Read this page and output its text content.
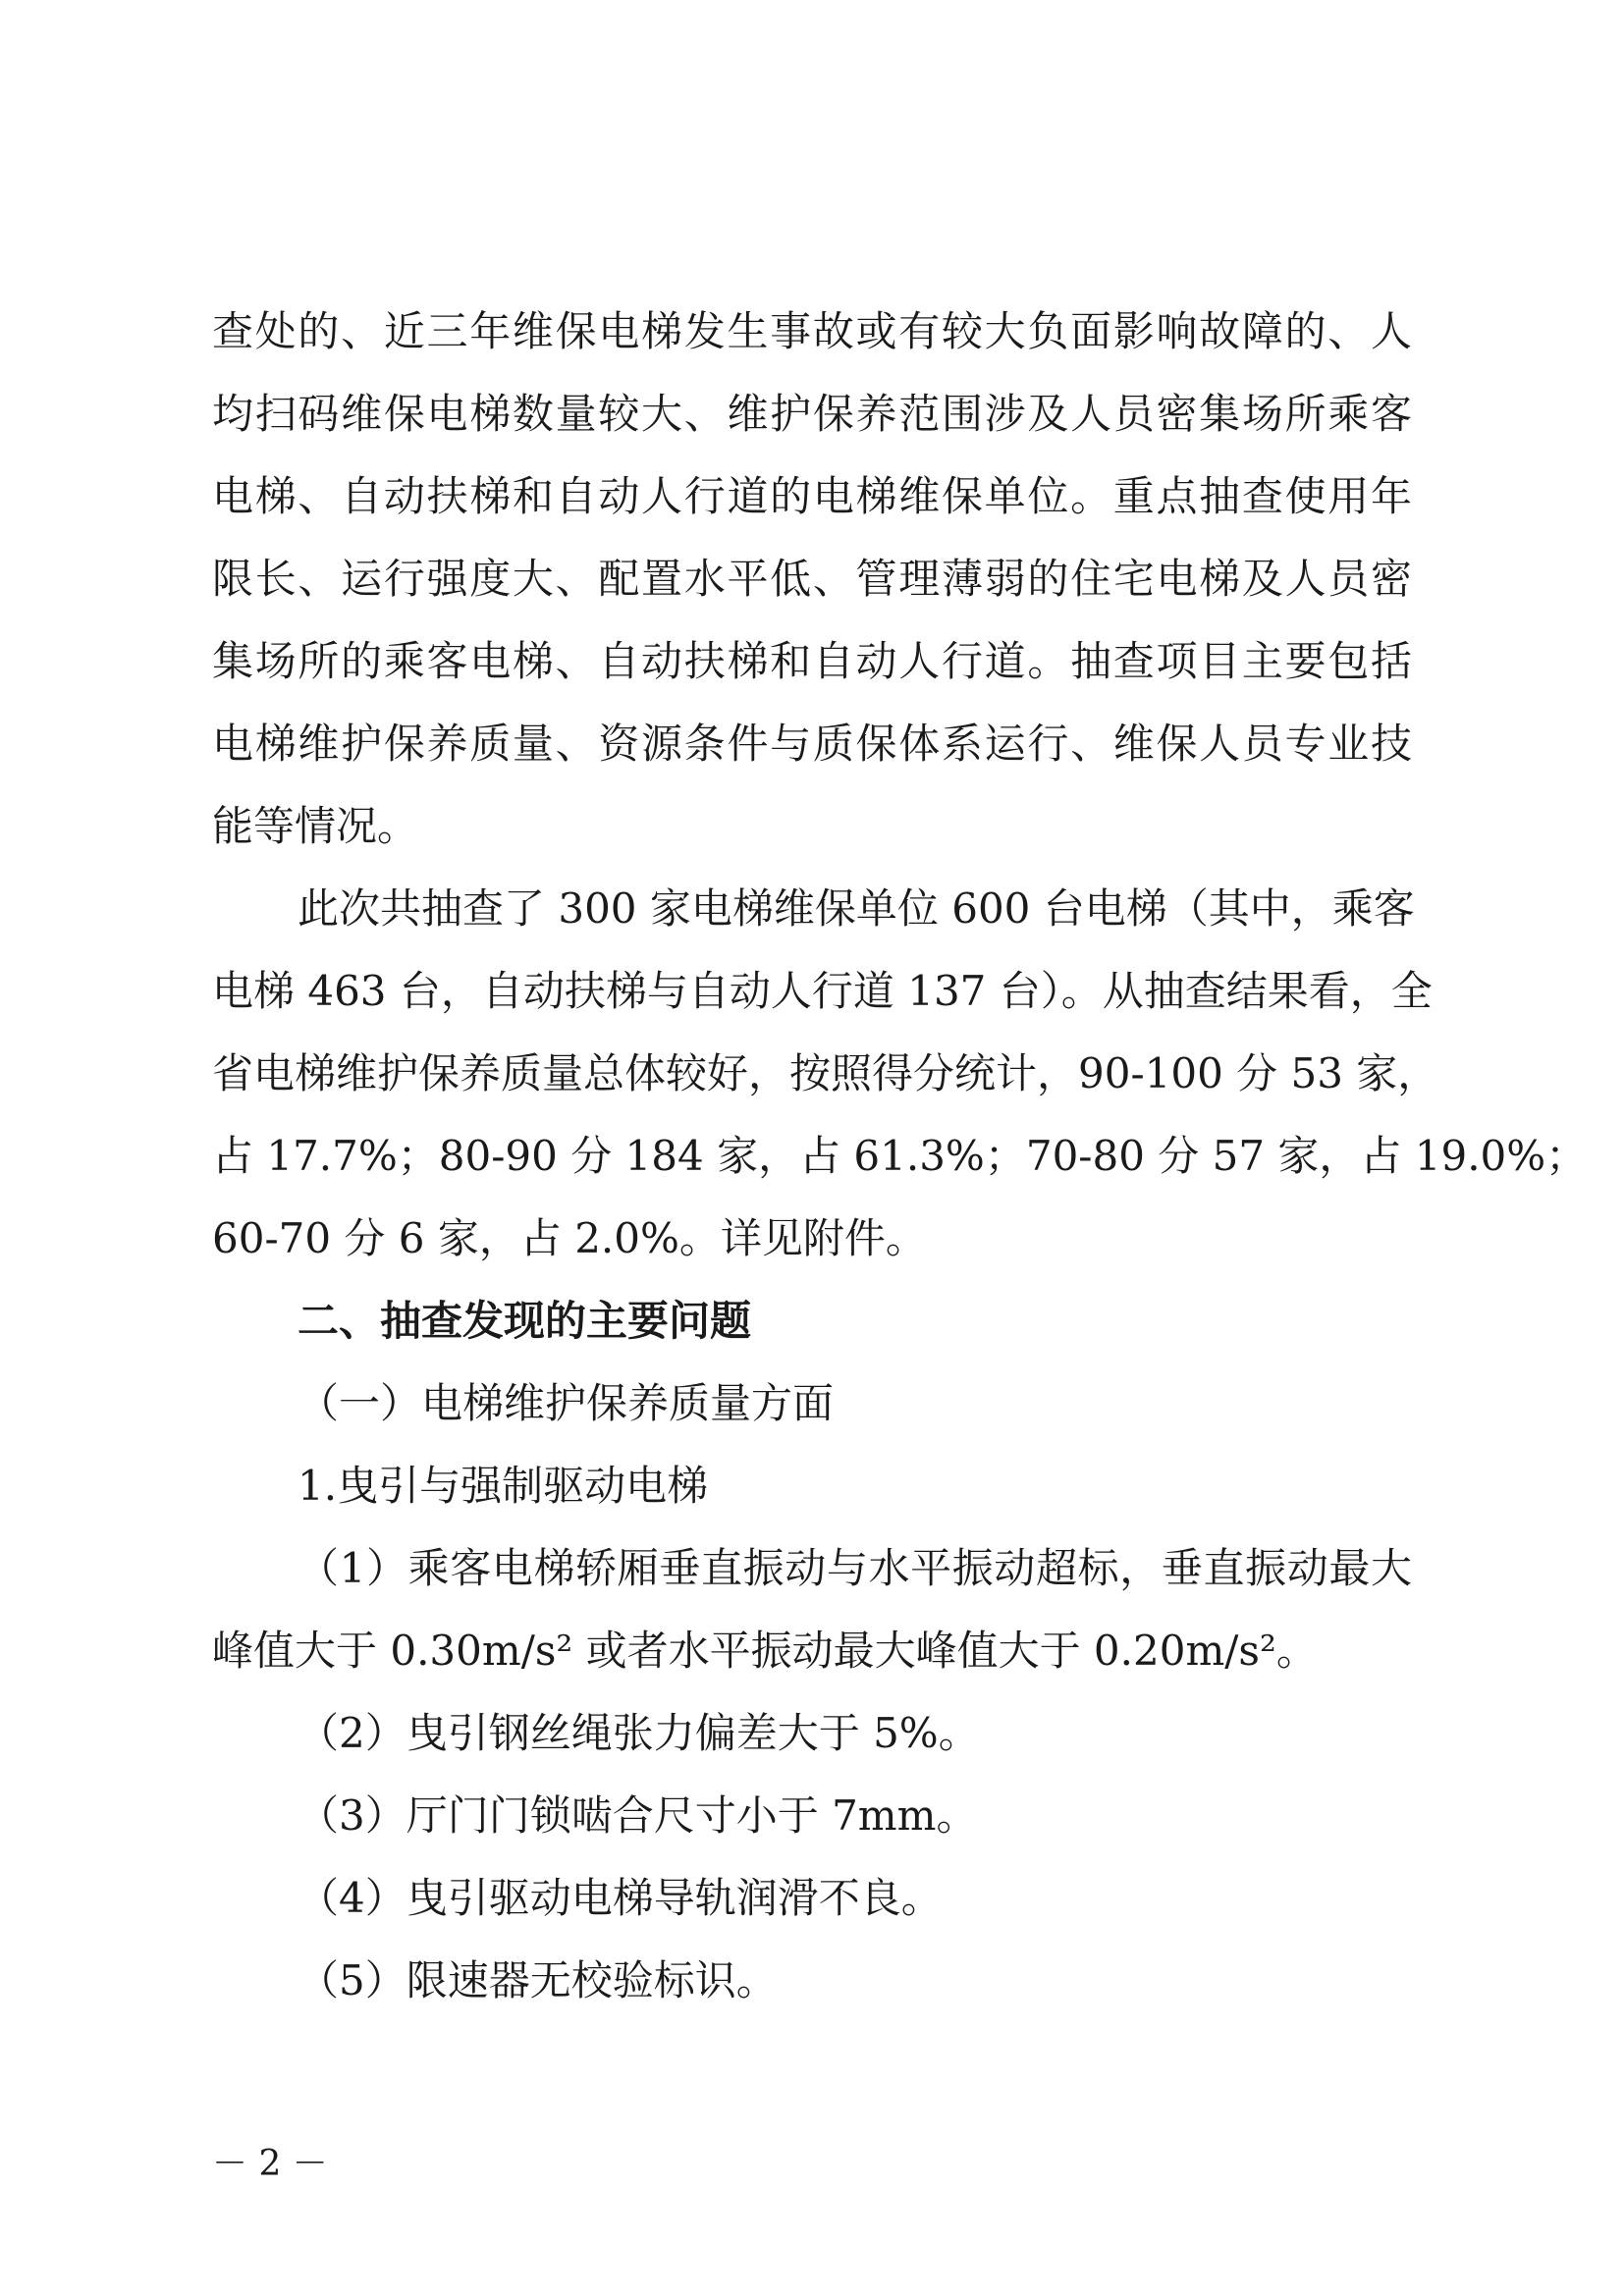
查处的、近三年维保电梯发生事故或有较大负面影响故障的、人
均扫码维保电梯数量较大、维护保养范围涉及人员密集场所乘客
电梯、自动扶梯和自动人行道的电梯维保单位。重点抽查使用年
限长、运行强度大、配置水平低、管理薄弱的住宅电梯及人员密
集场所的乘客电梯、自动扶梯和自动人行道。抽查项目主要包括
电梯维护保养质量、资源条件与质保体系运行、维保人员专业技
能等情况。
此次共抽查了 300 家电梯维保单位 600 台电梯（其中，乘客
电梯 463 台，自动扶梯与自动人行道 137 台）。从抽查结果看，全
省电梯维护保养质量总体较好，按照得分统计，90-100 分 53 家，
占 17.7%；80-90 分 184 家，占 61.3%；70-80 分 57 家，占 19.0%；
60-70 分 6 家，占 2.0%。详见附件。
二、抽查发现的主要问题
（一）电梯维护保养质量方面
1.曳引与强制驱动电梯
（1）乘客电梯轿厢垂直振动与水平振动超标，垂直振动最大
峰值大于 0.30m/s² 或者水平振动最大峰值大于 0.20m/s²。
（2）曳引钢丝绳张力偏差大于 5%。
（3）厅门门锁啮合尺寸小于 7mm。
（4）曳引驱动电梯导轨润滑不良。
（5）限速器无校验标识。
－ 2 －
